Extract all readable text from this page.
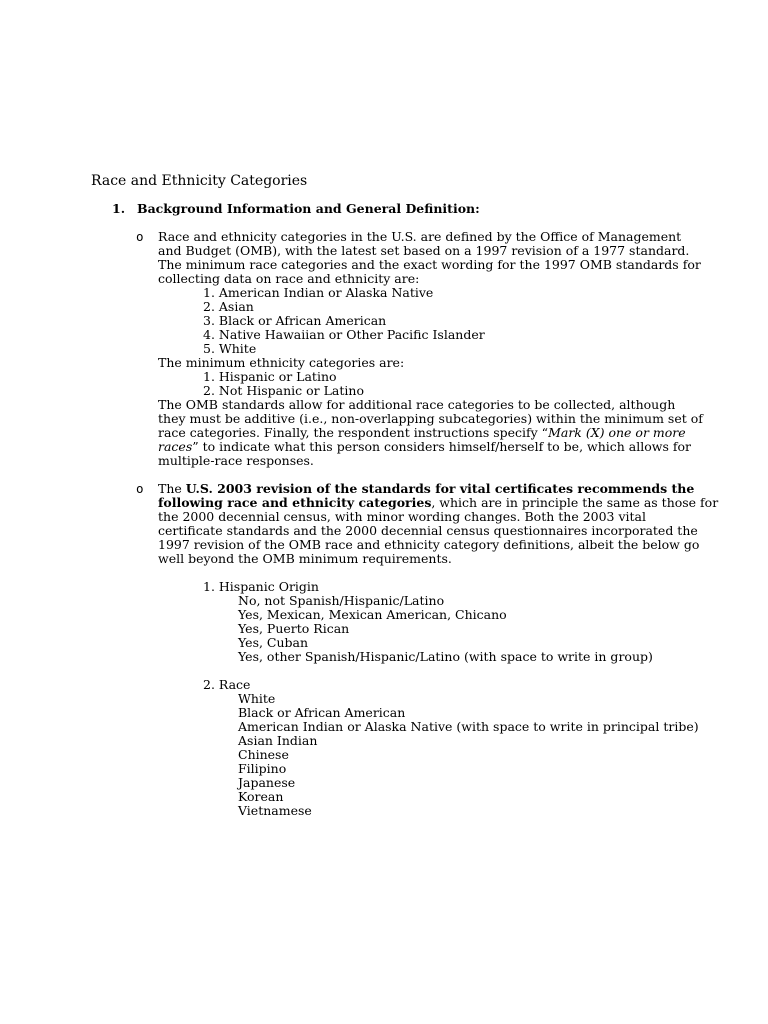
Race and Ethnicity Categories
1. Background Information and General Definition:
o Race and ethnicity categories in the U.S. are defined by the Office of Management
and Budget (OMB), with the latest set based on a 1997 revision of a 1977 standard.
The minimum race categories and the exact wording for the 1997 OMB standards for
collecting data on race and ethnicity are:
1. American Indian or Alaska Native
2. Asian
3. Black or African American
4. Native Hawaiian or Other Pacific Islander
5. White
The minimum ethnicity categories are:
1. Hispanic or Latino
2. Not Hispanic or Latino
The OMB standards allow for additional race categories to be collected, although
they must be additive (i.e., non-overlapping subcategories) within the minimum set of
race categories. Finally, the respondent instructions specify “Mark (X) one or more
races” to indicate what this person considers himself/herself to be, which allows for
multiple-race responses.
o The U.S. 2003 revision of the standards for vital certificates recommends the
following race and ethnicity categories, which are in principle the same as those for
the 2000 decennial census, with minor wording changes. Both the 2003 vital
certificate standards and the 2000 decennial census questionnaires incorporated the
1997 revision of the OMB race and ethnicity category definitions, albeit the below go
well beyond the OMB minimum requirements.
1. Hispanic Origin
No, not Spanish/Hispanic/Latino
Yes, Mexican, Mexican American, Chicano
Yes, Puerto Rican
Yes, Cuban
Yes, other Spanish/Hispanic/Latino (with space to write in group)
2. Race
White
Black or African American
American Indian or Alaska Native (with space to write in principal tribe)
Asian Indian
Chinese
Filipino
Japanese
Korean
Vietnamese
